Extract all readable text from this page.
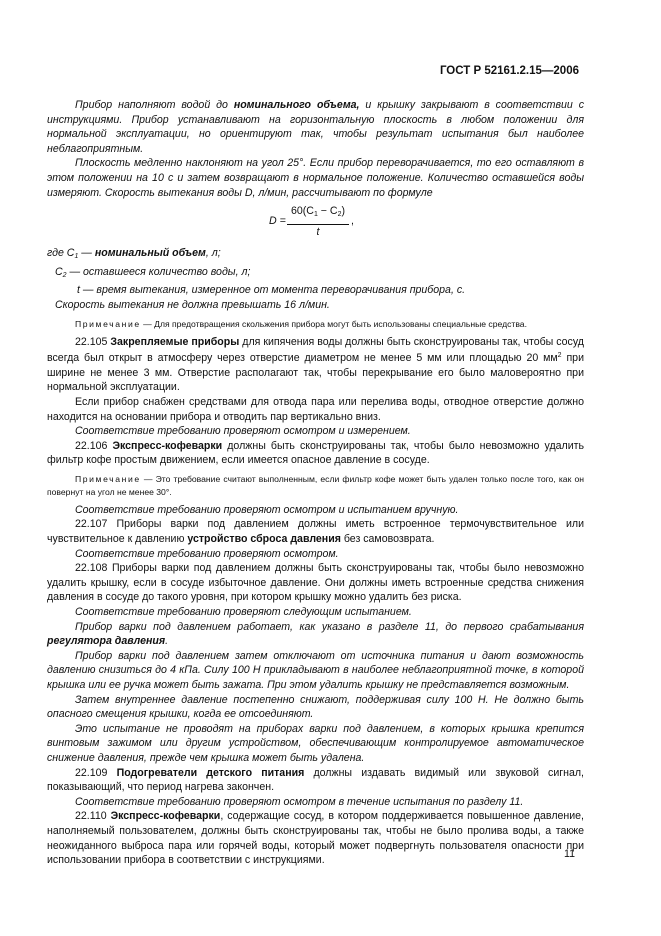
ГОСТ Р 52161.2.15—2006

Прибор наполняют водой до номинального объема, и крышку закрывают в соответствии с инструкциями. Прибор устанавливают на горизонтальную плоскость в любом положении для нормальной эксплуатации, но ориентируют так, чтобы результат испытания был наиболее неблагоприятным.

Плоскость медленно наклоняют на угол 25°. Если прибор переворачивается, то его оставляют в этом положении на 10 с и затем возвращают в нормальное положение. Количество оставшейся воды измеряют. Скорость вытекания воды D, л/мин, рассчитывают по формуле

$D = \frac{60(C_1 - C_2)}{t}$ ,

где $C_1$ — номинальный объем, л;

$C_2$ — оставшееся количество воды, л;

t — время вытекания, измеренное от момента переворачивания прибора, с.

Скорость вытекания не должна превышать 16 л/мин.

Примечание — Для предотвращения скольжения прибора могут быть использованы специальные средства.

22.105 Закрепляемые приборы для кипячения воды должны быть сконструированы так, чтобы сосуд всегда был открыт в атмосферу через отверстие диаметром не менее 5 мм или площадью 20 $мм^2$ при ширине не менее 3 мм. Отверстие располагают так, чтобы перекрывание его было маловероятно при нормальной эксплуатации.

Если прибор снабжен средствами для отвода пара или перелива воды, отводное отверстие должно находится на основании прибора и отводить пар вертикально вниз.

Соответствие требованию проверяют осмотром и измерением.

22.106 Экспресс-кофеварки должны быть сконструированы так, чтобы было невозможно удалить фильтр кофе простым движением, если имеется опасное давление в сосуде.

Примечание — Это требование считают выполненным, если фильтр кофе может быть удален только после того, как он повернут на угол не менее 30°.

Соответствие требованию проверяют осмотром и испытанием вручную.

22.107 Приборы варки под давлением должны иметь встроенное термочувствительное или чувствительное к давлению устройство сброса давления без самовозврата.

Соответствие требованию проверяют осмотром.

22.108 Приборы варки под давлением должны быть сконструированы так, чтобы было невозможно удалить крышку, если в сосуде избыточное давление. Они должны иметь встроенные средства снижения давления в сосуде до такого уровня, при котором крышку можно удалить без риска.

Соответствие требованию проверяют следующим испытанием.

Прибор варки под давлением работает, как указано в разделе 11, до первого срабатывания регулятора давления.

Прибор варки под давлением затем отключают от источника питания и дают возможность давлению снизиться до 4 кПа. Силу 100 Н прикладывают в наиболее неблагоприятной точке, в которой крышка или ее ручка может быть зажата. При этом удалить крышку не представляется возможным.

Затем внутреннее давление постепенно снижают, поддерживая силу 100 Н. Не должно быть опасного смещения крышки, когда ее отсоединяют.

Это испытание не проводят на приборах варки под давлением, в которых крышка крепится винтовым зажимом или другим устройством, обеспечивающим контролируемое автоматическое снижение давления, прежде чем крышка может быть удалена.

22.109 Подогреватели детского питания должны издавать видимый или звуковой сигнал, показывающий, что период нагрева закончен.

Соответствие требованию проверяют осмотром в течение испытания по разделу 11.

22.110 Экспресс-кофеварки, содержащие сосуд, в котором поддерживается повышенное давление, наполняемый пользователем, должны быть сконструированы так, чтобы не было пролива воды, а также неожиданного выброса пара или горячей воды, который может подвергнуть пользователя опасности при использовании прибора в соответствии с инструкциями.

11
